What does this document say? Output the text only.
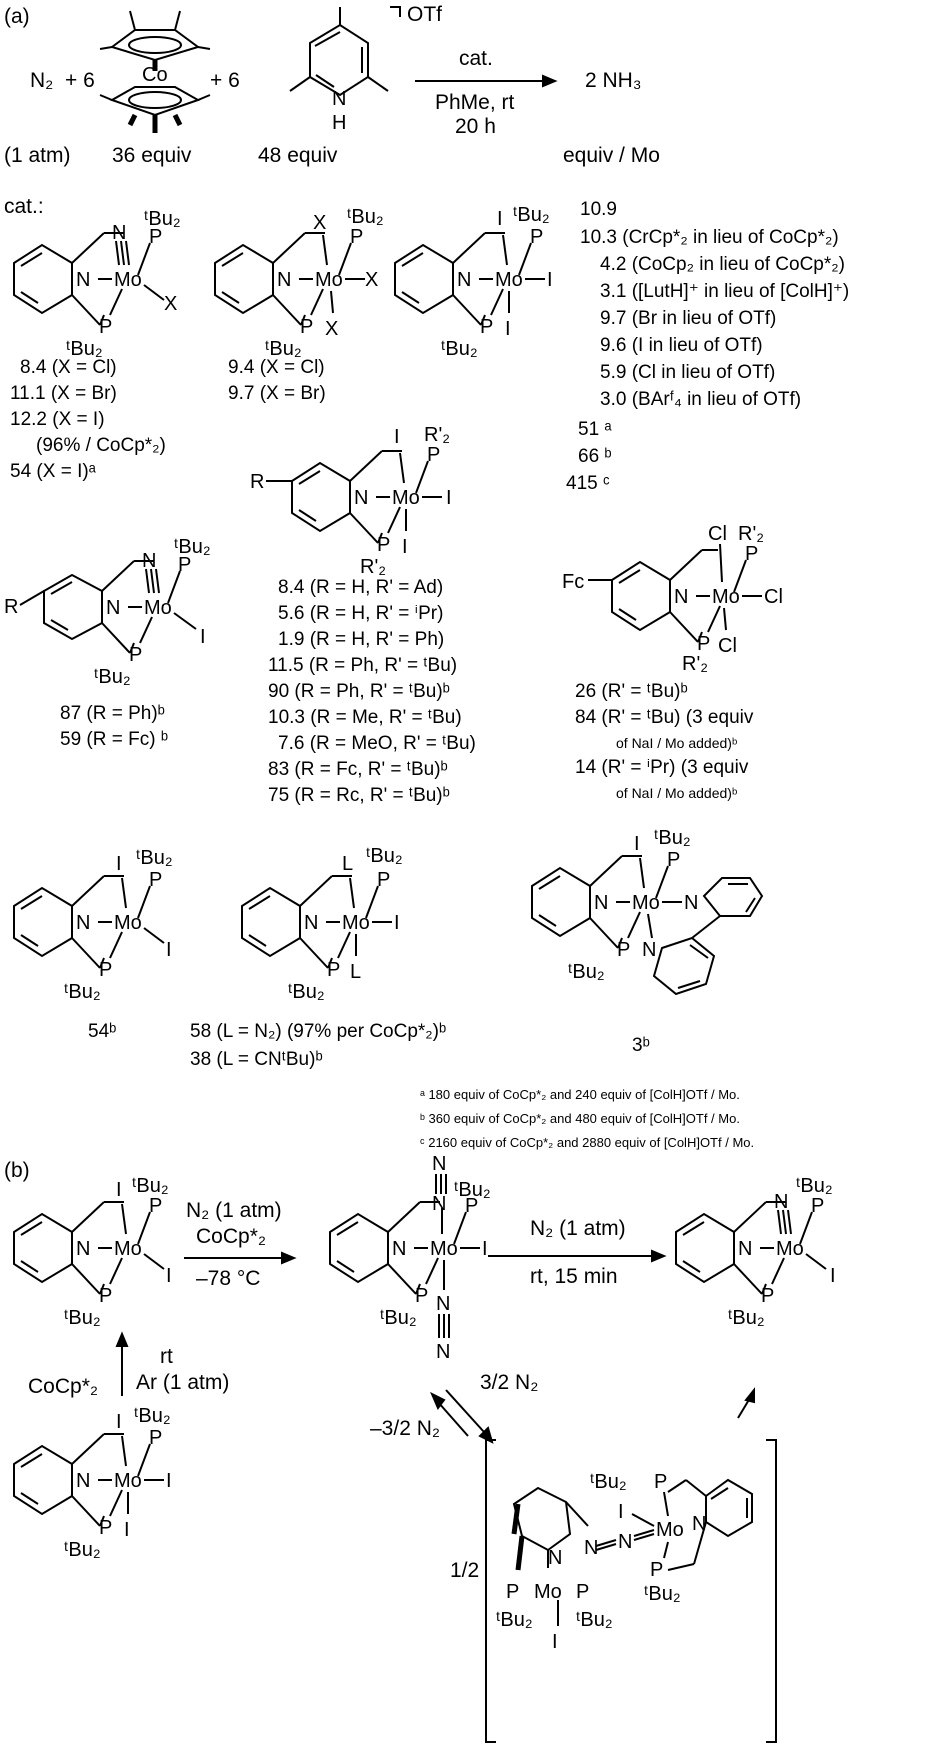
(a)
N₂ + 6 Co + 6
N
H
OTf
cat.
PhMe, rt
20 h
2 NH₃
(1 atm) 36 equiv	48 equiv	equiv / Mo
cat.:
N Mo
N P
ᵗBu₂
P
ᵗBu₂
X
8.4 (X = Cl)
11.1 (X = Br)
12.2 (X = I)
(96% / CoCp*₂)
54 (X = I)ᵃ
N Mo
X
P
ᵗBu₂
P
ᵗBu₂
X
X
9.4 (X = Cl)
9.7 (X = Br)
N Mo
I
P
ᵗBu₂
P
ᵗBu₂
I
I
10.9
10.3 (CrCp*₂ in lieu of CoCp*₂)
4.2 (CoCp₂ in lieu of CoCp*₂)
3.1 ([LutH]⁺ in lieu of [ColH]⁺)
9.7 (Br in lieu of OTf)
9.6 (I in lieu of OTf)
5.9 (Cl in lieu of OTf)
3.0 (BArᶠ₄ in lieu of OTf)
51 ᵃ
66 ᵇ
415 ᶜ
R
N Mo
I
P
R'₂
P
R'₂
I
I
8.4 (R = H, R' = Ad)
5.6 (R = H, R' = ⁱPr)
1.9 (R = H, R' = Ph)
11.5 (R = Ph, R' = ᵗBu)
90 (R = Ph, R' = ᵗBu)ᵇ
10.3 (R = Me, R' = ᵗBu)
7.6 (R = MeO, R' = ᵗBu)
83 (R = Fc, R' = ᵗBu)ᵇ
75 (R = Rc, R' = ᵗBu)ᵇ
R	N Mo
N P
ᵗBu₂
P
ᵗBu₂
I
87 (R = Ph)ᵇ
59 (R = Fc) ᵇ
Fc
N Mo
Cl
P
R'₂
P
R'₂
Cl
Cl
26 (R' = ᵗBu)ᵇ
84 (R' = ᵗBu) (3 equiv
of NaI / Mo added)ᵇ
14 (R' = ⁱPr) (3 equiv
of NaI / Mo added)ᵇ
N Mo
I
P
ᵗBu₂
P
ᵗBu₂
I
54ᵇ
N Mo
L
P
ᵗBu₂
P
ᵗBu₂
I
L
58 (L = N₂) (97% per CoCp*₂)ᵇ
38 (L = CNᵗBu)ᵇ
N Mo
I
P
ᵗBu₂
P
ᵗBu₂
N
N
3ᵇ
ᵃ 180 equiv of CoCp*₂ and 240 equiv of [ColH]OTf / Mo.
ᵇ 360 equiv of CoCp*₂ and 480 equiv of [ColH]OTf / Mo.
ᶜ 2160 equiv of CoCp*₂ and 2880 equiv of [ColH]OTf / Mo.
(b)
N Mo
I
P
ᵗBu₂
P
ᵗBu₂
I
N₂ (1 atm)
CoCp*₂
–78 °C
N Mo
N
N
P
ᵗBu₂
P
ᵗBu₂
I
N
N
N₂ (1 atm)
rt, 15 min
N Mo
N P
ᵗBu₂
P
ᵗBu₂
I
CoCp*₂
rt
Ar (1 atm)
N Mo
I
P
ᵗBu₂
P
ᵗBu₂
I
I
3/2 N₂
–3/2 N₂
1/2
N
P Mo P
ᵗBu₂ ᵗBu₂
I
N N
Mo
I
ᵗBu₂ P
N
P
ᵗBu₂
